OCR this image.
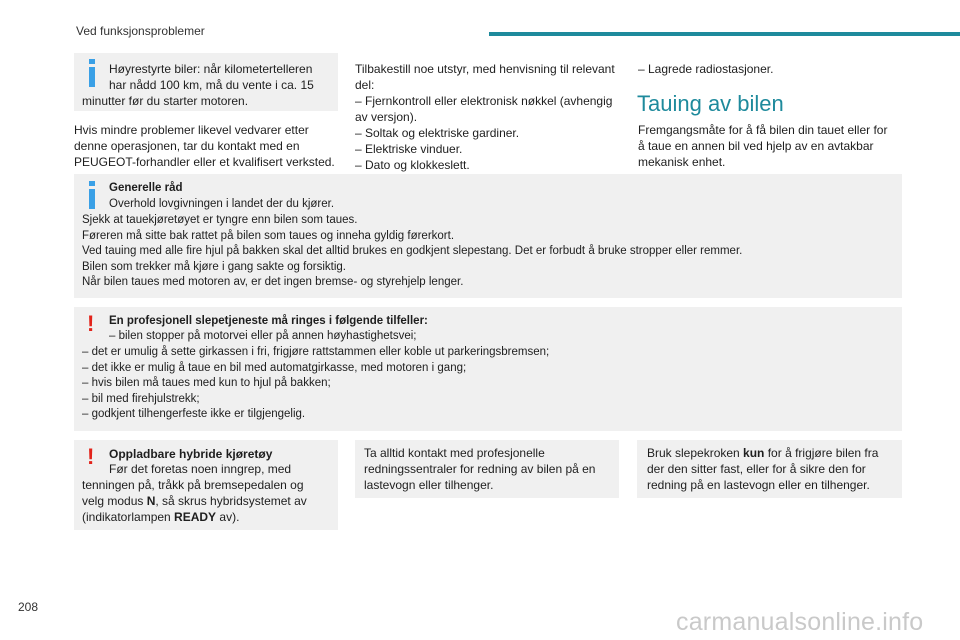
Ved funksjonsproblemer

Høyrestyrte biler: når kilometertelleren
har nådd 100 km, må du vente i ca. 15

minutter før du starter motoren.

Hvis mindre problemer likevel vedvarer etter
denne operasjonen, tar du kontakt med en
PEUGEOT-forhandler eller et kvalifisert verksted.

Tilbakestill noe utstyr, med henvisning til relevant
del:
– Fjernkontroll eller elektronisk nøkkel (avhengig
av versjon).
– Soltak og elektriske gardiner.
– Elektriske vinduer.
– Dato og klokkeslett.

– Lagrede radiostasjoner.

Tauing av bilen

Fremgangsmåte for å få bilen din tauet eller for
å taue en annen bil ved hjelp av en avtakbar
mekanisk enhet.

Generelle råd

Overhold lovgivningen i landet der du kjører.

Sjekk at tauekjøretøyet er tyngre enn bilen som taues.
Føreren må sitte bak rattet på bilen som taues og inneha gyldig førerkort.
Ved tauing med alle fire hjul på bakken skal det alltid brukes en godkjent slepestang. Det er forbudt å bruke stropper eller remmer.
Bilen som trekker må kjøre i gang sakte og forsiktig.
Når bilen taues med motoren av, er det ingen bremse- og styrehjelp lenger.

! En profesjonell slepetjeneste må ringes i følgende tilfeller:

– bilen stopper på motorvei eller på annen høyhastighetsvei;

– det er umulig å sette girkassen i fri, frigjøre rattstammen eller koble ut parkeringsbremsen;
– det ikke er mulig å taue en bil med automatgirkasse, med motoren i gang;
– hvis bilen må taues med kun to hjul på bakken;
– bil med firehjulstrekk;
– godkjent tilhengerfeste ikke er tilgjengelig.

! Oppladbare hybride kjøretøy

Før det foretas noen inngrep, med

tenningen på, tråkk på bremsepedalen og
velg modus N, så skrus hybridsystemet av
(indikatorlampen READY av).

Ta alltid kontakt med profesjonelle
redningssentraler for redning av bilen på en
lastevogn eller tilhenger.

Bruk slepekroken kun for å frigjøre bilen fra
der den sitter fast, eller for å sikre den for
redning på en lastevogn eller en tilhenger.

208
carmanualsonline.info
